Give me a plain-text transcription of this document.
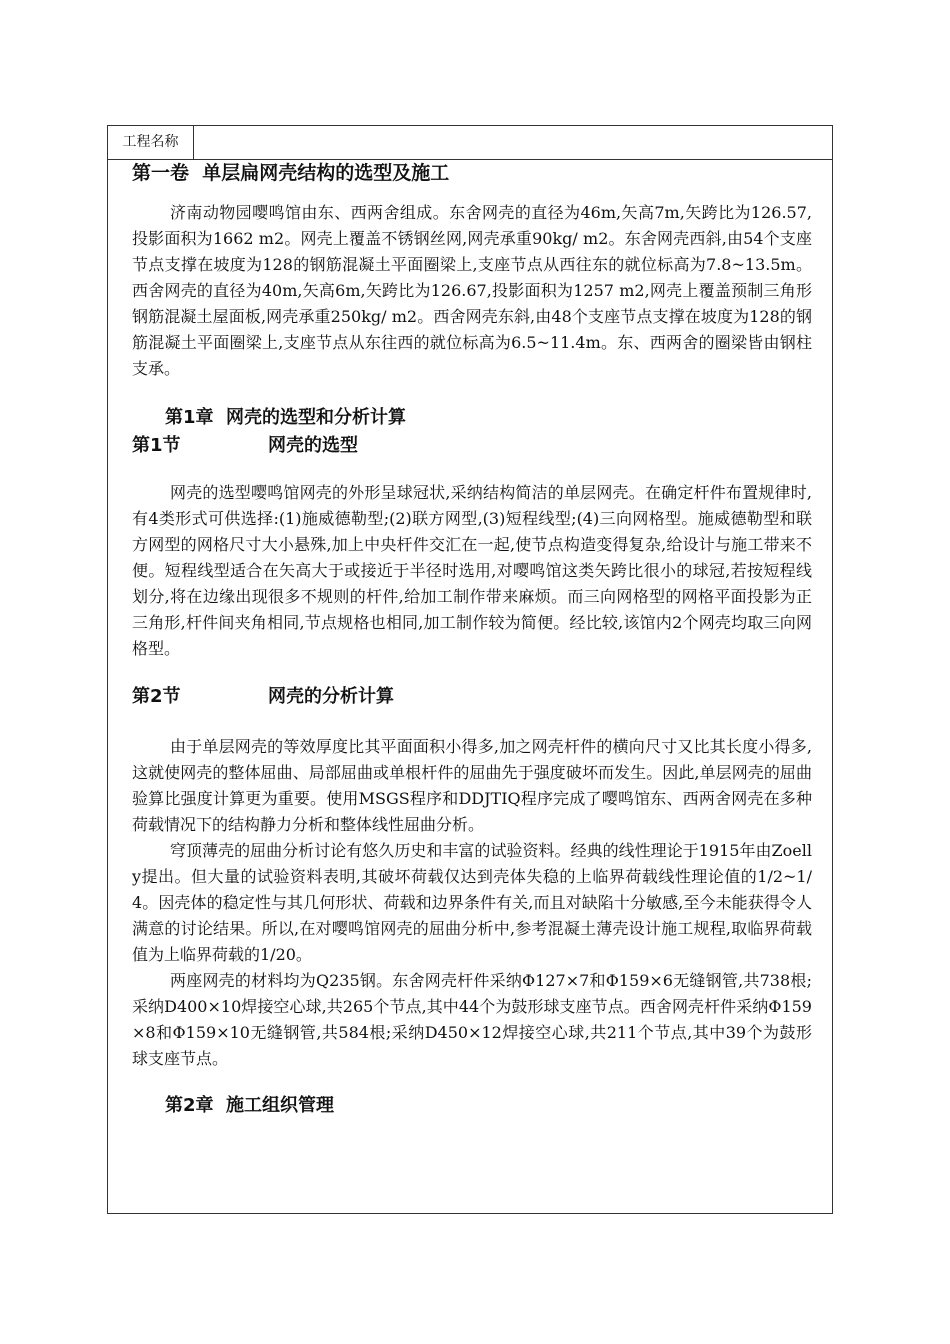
工程名称

第一卷  单层扁网壳结构的选型及施工

济南动物园嘤鸣馆由东、西两舍组成。东舍网壳的直径为46m,矢高7m,矢跨比为126.57,投影面积为1662 m2。网壳上覆盖不锈钢丝网,网壳承重90kg/ m2。东舍网壳西斜,由54个支座节点支撑在坡度为128的钢筋混凝土平面圈梁上,支座节点从西往东的就位标高为7.8~13.5m。西舍网壳的直径为40m,矢高6m,矢跨比为126.67,投影面积为1257 m2,网壳上覆盖预制三角形钢筋混凝土屋面板,网壳承重250kg/ m2。西舍网壳东斜,由48个支座节点支撑在坡度为128的钢筋混凝土平面圈梁上,支座节点从东往西的就位标高为6.5~11.4m。东、西两舍的圈梁皆由钢柱支承。

第1章  网壳的选型和分析计算

第1节	网壳的选型

网壳的选型嘤鸣馆网壳的外形呈球冠状,采纳结构简洁的单层网壳。在确定杆件布置规律时,有4类形式可供选择:(1)施威德勒型;(2)联方网型,(3)短程线型;(4)三向网格型。施威德勒型和联方网型的网格尺寸大小悬殊,加上中央杆件交汇在一起,使节点构造变得复杂,给设计与施工带来不便。短程线型适合在矢高大于或接近于半径时选用,对嘤鸣馆这类矢跨比很小的球冠,若按短程线划分,将在边缘出现很多不规则的杆件,给加工制作带来麻烦。而三向网格型的网格平面投影为正三角形,杆件间夹角相同,节点规格也相同,加工制作较为简便。经比较,该馆内2个网壳均取三向网格型。

第2节	网壳的分析计算

由于单层网壳的等效厚度比其平面面积小得多,加之网壳杆件的横向尺寸又比其长度小得多,这就使网壳的整体屈曲、局部屈曲或单根杆件的屈曲先于强度破坏而发生。因此,单层网壳的屈曲验算比强度计算更为重要。使用MSGS程序和DDJTIQ程序完成了嘤鸣馆东、西两舍网壳在多种荷载情况下的结构静力分析和整体线性屈曲分析。

穹顶薄壳的屈曲分析讨论有悠久历史和丰富的试验资料。经典的线性理论于1915年由Zoelly提出。但大量的试验资料表明,其破坏荷载仅达到壳体失稳的上临界荷载线性理论值的1/2~1/4。因壳体的稳定性与其几何形状、荷载和边界条件有关,而且对缺陷十分敏感,至今未能获得令人满意的讨论结果。所以,在对嘤鸣馆网壳的屈曲分析中,参考混凝土薄壳设计施工规程,取临界荷载值为上临界荷载的1/20。

两座网壳的材料均为Q235钢。东舍网壳杆件采纳Φ127×7和Φ159×6无缝钢管,共738根;采纳D400×10焊接空心球,共265个节点,其中44个为鼓形球支座节点。西舍网壳杆件采纳Φ159×8和Φ159×10无缝钢管,共584根;采纳D450×12焊接空心球,共211个节点,其中39个为鼓形球支座节点。

第2章  施工组织管理
